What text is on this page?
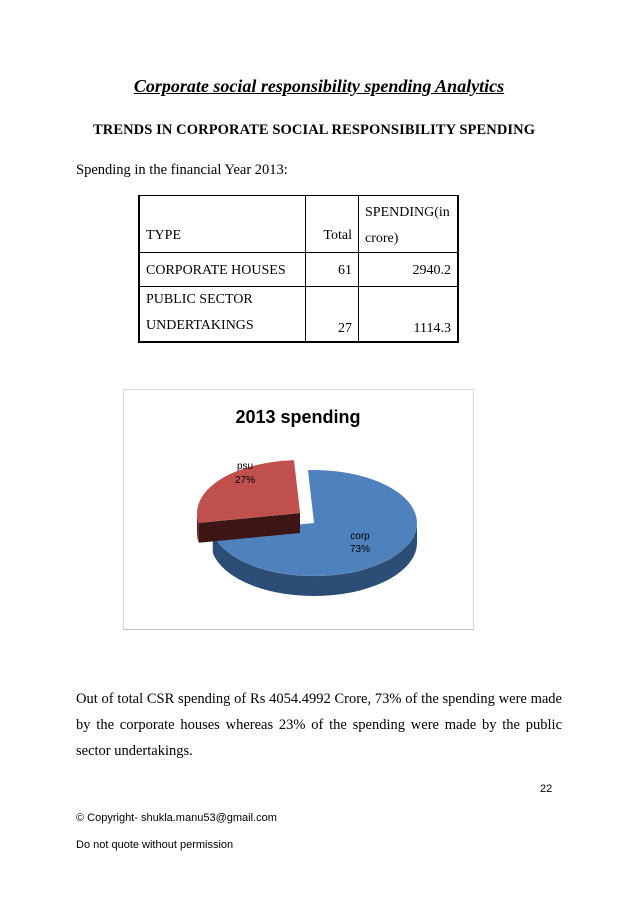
Corporate social responsibility spending Analytics
TRENDS IN CORPORATE SOCIAL RESPONSIBILITY SPENDING
Spending in the financial Year 2013:
TYPE	Total	SPENDING(in
crore)

CORPORATE HOUSES	61	2940.2

PUBLIC SECTOR
UNDERTAKINGS	27	1114.3
2013 spending
corp
73%
psu
27%
Out of total CSR spending of Rs 4054.4992 Crore, 73% of the spending were made by the corporate houses whereas 23% of the spending were made by the public sector undertakings.
22
© Copyright- shukla.manu53@gmail.com
Do not quote without permission
